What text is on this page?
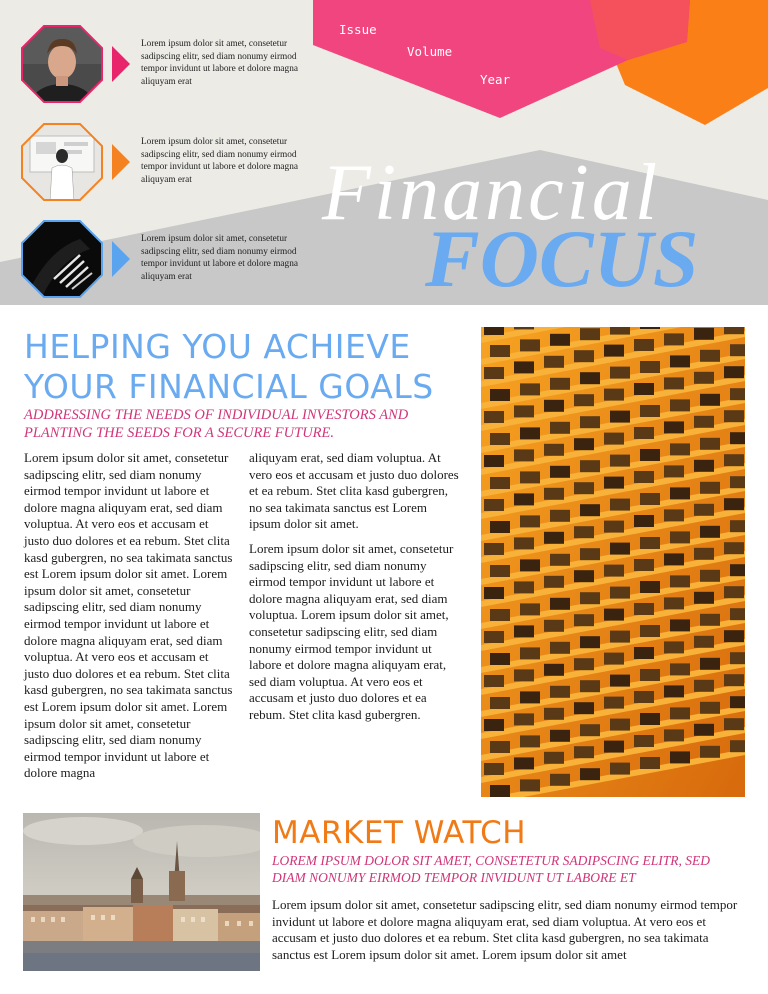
Issue
Volume
Year
Lorem ipsum dolor sit amet, consetetur sadipscing elitr, sed diam nonumy eirmod tempor invidunt ut labore et dolore magna aliquyam erat
Lorem ipsum dolor sit amet, consetetur sadipscing elitr, sed diam nonumy eirmod tempor invidunt ut labore et dolore magna aliquyam erat
Lorem ipsum dolor sit amet, consetetur sadipscing elitr, sed diam nonumy eirmod tempor invidunt ut labore et dolore magna aliquyam erat
Financial
FOCUS
HELPING YOU ACHIEVE YOUR FINANCIAL GOALS
ADDRESSING THE NEEDS OF INDIVIDUAL INVESTORS AND PLANTING THE SEEDS FOR A SECURE FUTURE.

Lorem ipsum dolor sit amet, consetetur sadipscing elitr, sed diam nonumy eirmod tempor invidunt ut labore et dolore magna aliquyam erat, sed diam voluptua. At vero eos et accusam et justo duo dolores et ea rebum. Stet clita kasd gubergren, no sea takimata sanctus est Lorem ipsum dolor sit amet. Lorem ipsum dolor sit amet, consetetur sadipscing elitr, sed diam nonumy eirmod tempor invidunt ut labore et dolore magna aliquyam erat, sed diam voluptua. At vero eos et accusam et justo duo dolores et ea rebum. Stet clita kasd gubergren, no sea takimata sanctus est Lorem ipsum dolor sit amet. Lorem ipsum dolor sit amet, consetetur sadipscing elitr, sed diam nonumy eirmod tempor invidunt ut labore et dolore magna

aliquyam erat, sed diam voluptua. At vero eos et accusam et justo duo dolores et ea rebum. Stet clita kasd gubergren, no sea takimata sanctus est Lorem ipsum dolor sit amet.

Lorem ipsum dolor sit amet, consetetur sadipscing elitr, sed diam nonumy eirmod tempor invidunt ut labore et dolore magna aliquyam erat, sed diam voluptua. Lorem ipsum dolor sit amet, consetetur sadipscing elitr, sed diam nonumy eirmod tempor invidunt ut labore et dolore magna aliquyam erat, sed diam voluptua. At vero eos et accusam et justo duo dolores et ea rebum. Stet clita kasd gubergren.

MARKET WATCH
LOREM IPSUM DOLOR SIT AMET, CONSETETUR SADIPSCING ELITR, SED DIAM NONUMY EIRMOD TEMPOR INVIDUNT UT LABORE ET
Lorem ipsum dolor sit amet, consetetur sadipscing elitr, sed diam nonumy eirmod tempor invidunt ut labore et dolore magna aliquyam erat, sed diam voluptua. At vero eos et accusam et justo duo dolores et ea rebum. Stet clita kasd gubergren, no sea takimata sanctus est Lorem ipsum dolor sit amet. Lorem ipsum dolor sit amet
